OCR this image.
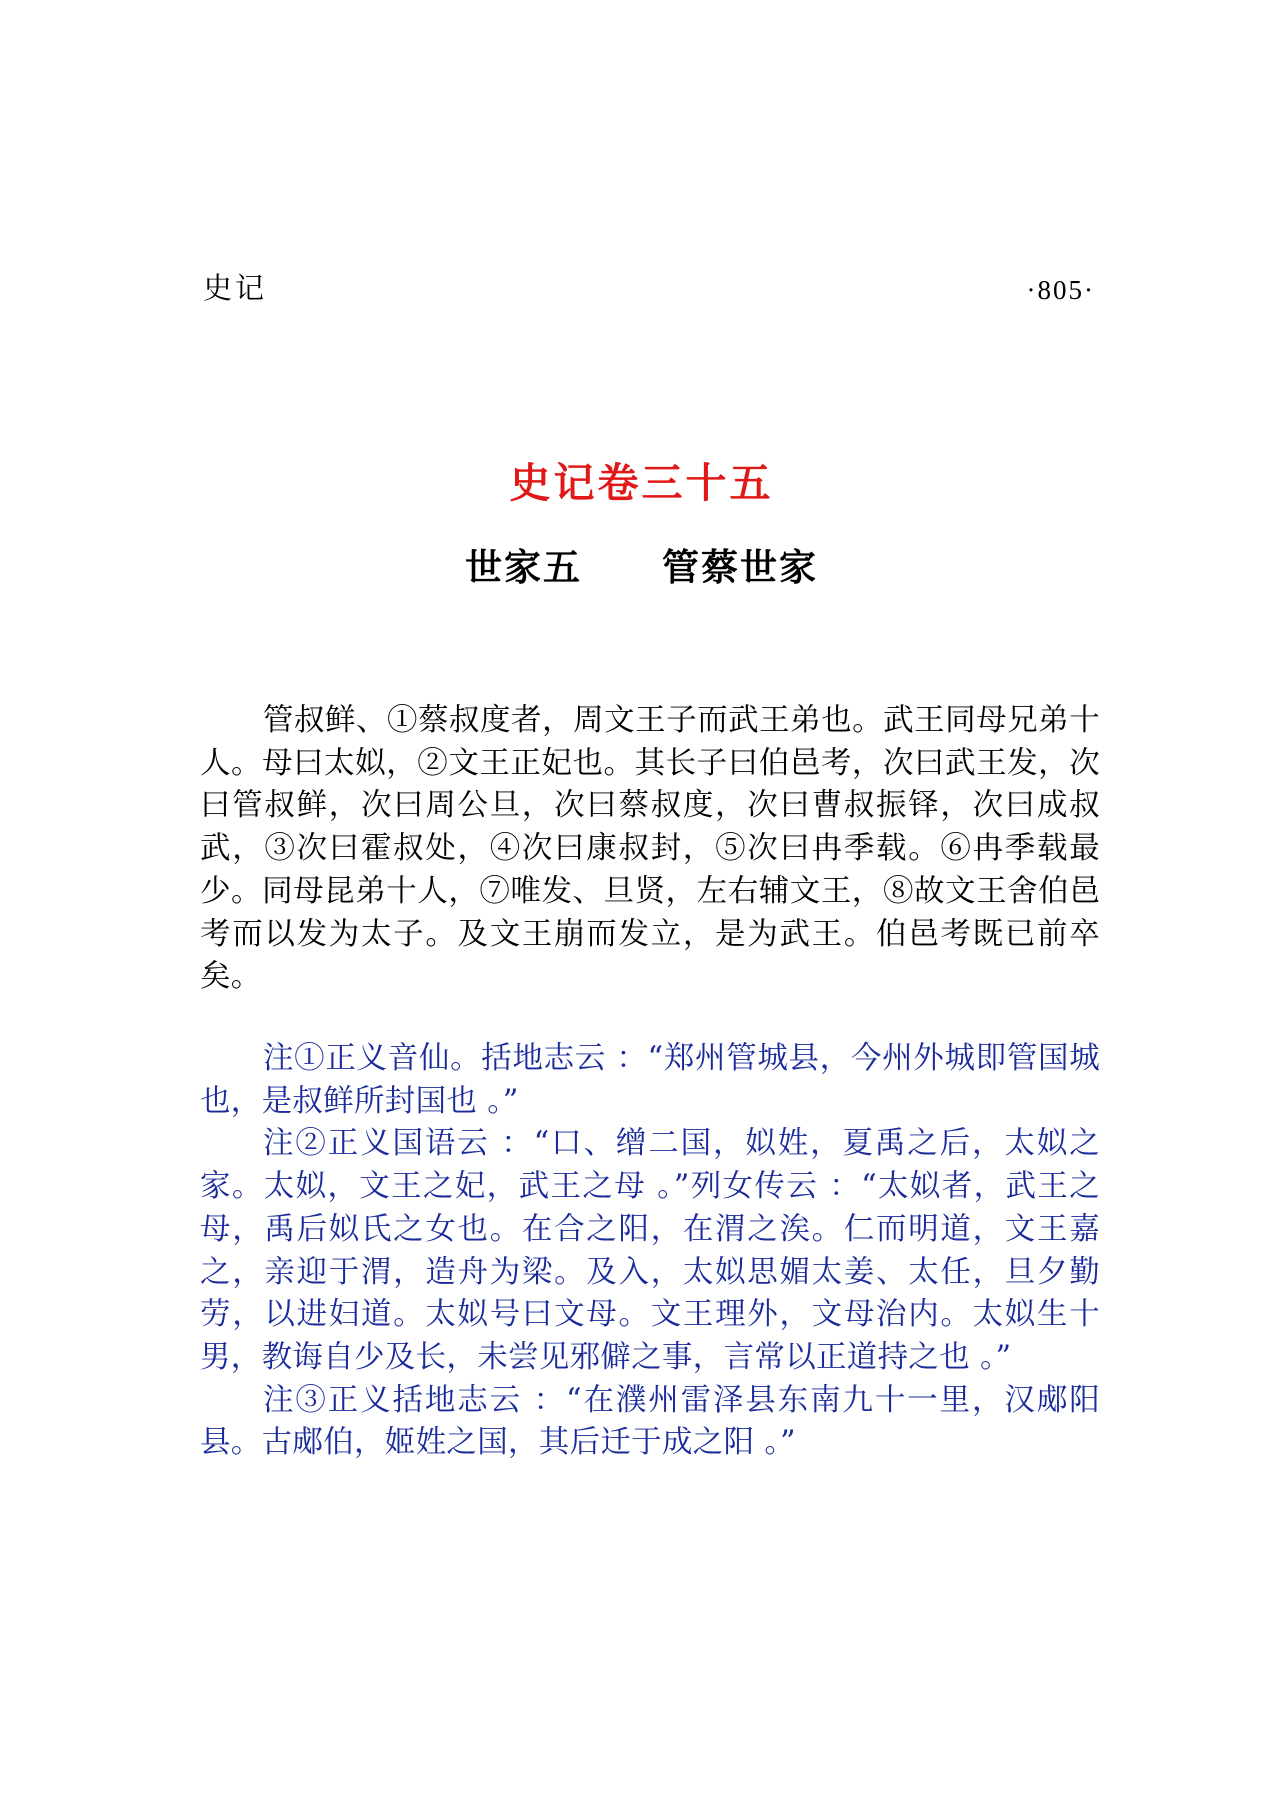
史记	·805·
史记卷三十五
世家五 管蔡世家

管叔鲜、①蔡叔度者，周文王子而武王弟也。武王同母兄弟十人。母曰太姒，②文王正妃也。其长子曰伯邑考，次曰武王发，次曰管叔鲜，次曰周公旦，次曰蔡叔度，次曰曹叔振铎，次曰成叔武，③次曰霍叔处，④次曰康叔封，⑤次曰冉季载。⑥冉季载最少。同母昆弟十人，⑦唯发、旦贤，左右辅文王，⑧故文王舍伯邑考而以发为太子。及文王崩而发立，是为武王。伯邑考既已前卒矣。

注①正义音仙。括地志云 ：“郑州管城县，今州外城即管国城也，是叔鲜所封国也 。”

注②正义国语云 ：“口、缯二国，姒姓，夏禹之后，太姒之家。太姒，文王之妃，武王之母 。”列女传云 ：“太姒者，武王之母，禹后姒氏之女也。在合之阳，在渭之涘。仁而明道，文王嘉之，亲迎于渭，造舟为梁。及入，太姒思媚太姜、太任，旦夕勤劳，以进妇道。太姒号曰文母。文王理外，文母治内。太姒生十男，教诲自少及长，未尝见邪僻之事，言常以正道持之也 。”

注③正义括地志云 ：“在濮州雷泽县东南九十一里，汉郕阳县。古郕伯，姬姓之国，其后迁于成之阳 。”
